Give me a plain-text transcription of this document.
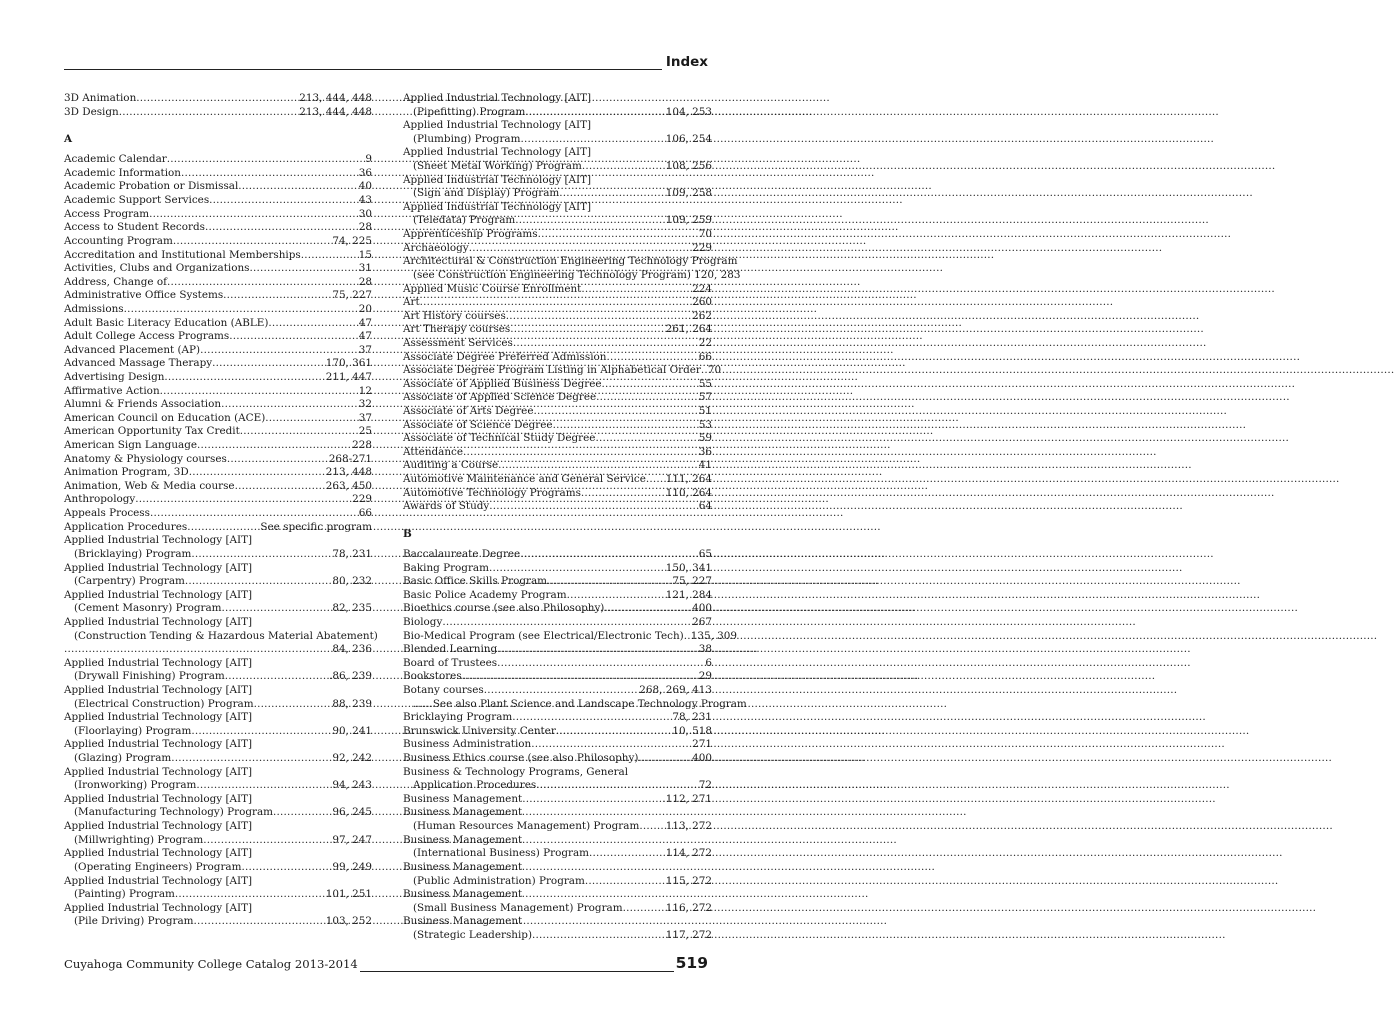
Index
3D Animation .....	213, 444, 448
3D Design .....	213, 444, 448
A
Academic Calendar .....	9
Academic Information .....	36
Academic Probation or Dismissal .....	40
Academic Support Services .....	43
Access Program .....	30
Access to Student Records .....	28
Accounting Program .....	74, 225
Accreditation and Institutional Memberships .....	15
Activities, Clubs and Organizations .....	31
Address, Change of .....	28
Administrative Office Systems .....	75, 227
Admissions .....	20
Adult Basic Literacy Education (ABLE) .....	47
Adult College Access Programs .....	47
Advanced Placement (AP) .....	37
Advanced Massage Therapy .....	170, 361
Advertising Design .....	211, 447
Affirmative Action .....	12
Alumni & Friends Association .....	32
American Council on Education (ACE) .....	37
American Opportunity Tax Credit .....	25
American Sign Language .....	228
Anatomy & Physiology courses .....	268-271
Animation Program, 3D .....	213, 448
Animation, Web & Media course .....	263, 450
Anthropology .....	229
Appeals Process .....	66
Application Procedures .....	See specific program
Applied Industrial Technology [AIT]
(Bricklaying) Program .....	78, 231
Applied Industrial Technology [AIT]
(Carpentry) Program .....	80, 232
Applied Industrial Technology [AIT]
(Cement Masonry) Program .....	82, 235
Applied Industrial Technology [AIT]
(Construction Tending & Hazardous Material Abatement)
.....
84, 236
Applied Industrial Technology [AIT]
(Drywall Finishing) Program .....	.86, 239
Applied Industrial Technology [AIT]
(Electrical Construction) Program .....	88, 239
Applied Industrial Technology [AIT]
(Floorlaying) Program .....	90, 241
Applied Industrial Technology [AIT]
(Glazing) Program .....	92, 242
Applied Industrial Technology [AIT]
(Ironworking) Program .....	94, 243
Applied Industrial Technology [AIT]
(Manufacturing Technology) Program .....	96, 245
Applied Industrial Technology [AIT]
(Millwrighting) Program .....	97, 247
Applied Industrial Technology [AIT]
(Operating Engineers) Program .....	99, 249
Applied Industrial Technology [AIT]
(Painting) Program .....	101, 251
Applied Industrial Technology [AIT]
(Pile Driving) Program .....	103, 252
Applied Industrial Technology [AIT]
(Pipefitting) Program .....	104, 253
Applied Industrial Technology [AIT]
(Plumbing) Program .....	106, 254
Applied Industrial Technology [AIT]
(Sheet Metal Working) Program .....	108, 256
Applied Industrial Technology [AIT]
(Sign and Display) Program .....	109, 258
Applied Industrial Technology [AIT]
(Teledata) Program .....	109, 259
Apprenticeship Programs .....	70
Archaeology .....	229
Architectural & Construction Engineering Technology Program
(see Construction Engineering Technology Program) 120, 283
Applied Music Course Enrollment .....	224
Art .....	260
Art History courses .....	262
Art Therapy courses .....	261, 264
Assessment Services .....	22
Associate Degree Preferred Admission .....	66
Associate Degree Program Listing in Alphabetical Order ..... 70
Associate of Applied Business Degree .....	55
Associate of Applied Science Degree .....	57
Associate of Arts Degree .....	51
Associate of Science Degree .....	53
Associate of Technical Study Degree .....	59
Attendance .....	36
Auditing a Course .....	41
Automotive Maintenance and General Service ..... 111, 264
Automotive Technology Programs .....	110, 264
Awards of Study .....	64
B
Baccalaureate Degree .....	65
Baking Program .....	150, 341
Basic Office Skills Program .....	75, 227
Basic Police Academy Program .....	121, 284
Bioethics course (see also Philosophy) .....	400
Biology .....	267
Bio-Medical Program (see Electrical/Electronic Tech) ..... 135, 309
Blended Learning .....	38
Board of Trustees .....	6
Bookstores .....	29
Botany courses .....	268, 269, 413
......See also Plant Science and Landscape Technology Program
Bricklaying Program .....	78, 231
Brunswick University Center .....	10, 518
Business Administration .....	271
Business Ethics course (see also Philosophy) .....	400
Business & Technology Programs, General
Application Procedures .....	72
Business Management .....	.112, 271
Business Management
(Human Resources Management) Program .....	113, 272
Business Management
(International Business) Program .....	114, 272
Business Management
(Public Administration) Program .....	115, 272
Business Management
(Small Business Management) Program .....	116, 272
Business Management
(Strategic Leadership) .....	117, 272
Cuyahoga Community College Catalog 2013-2014	519
